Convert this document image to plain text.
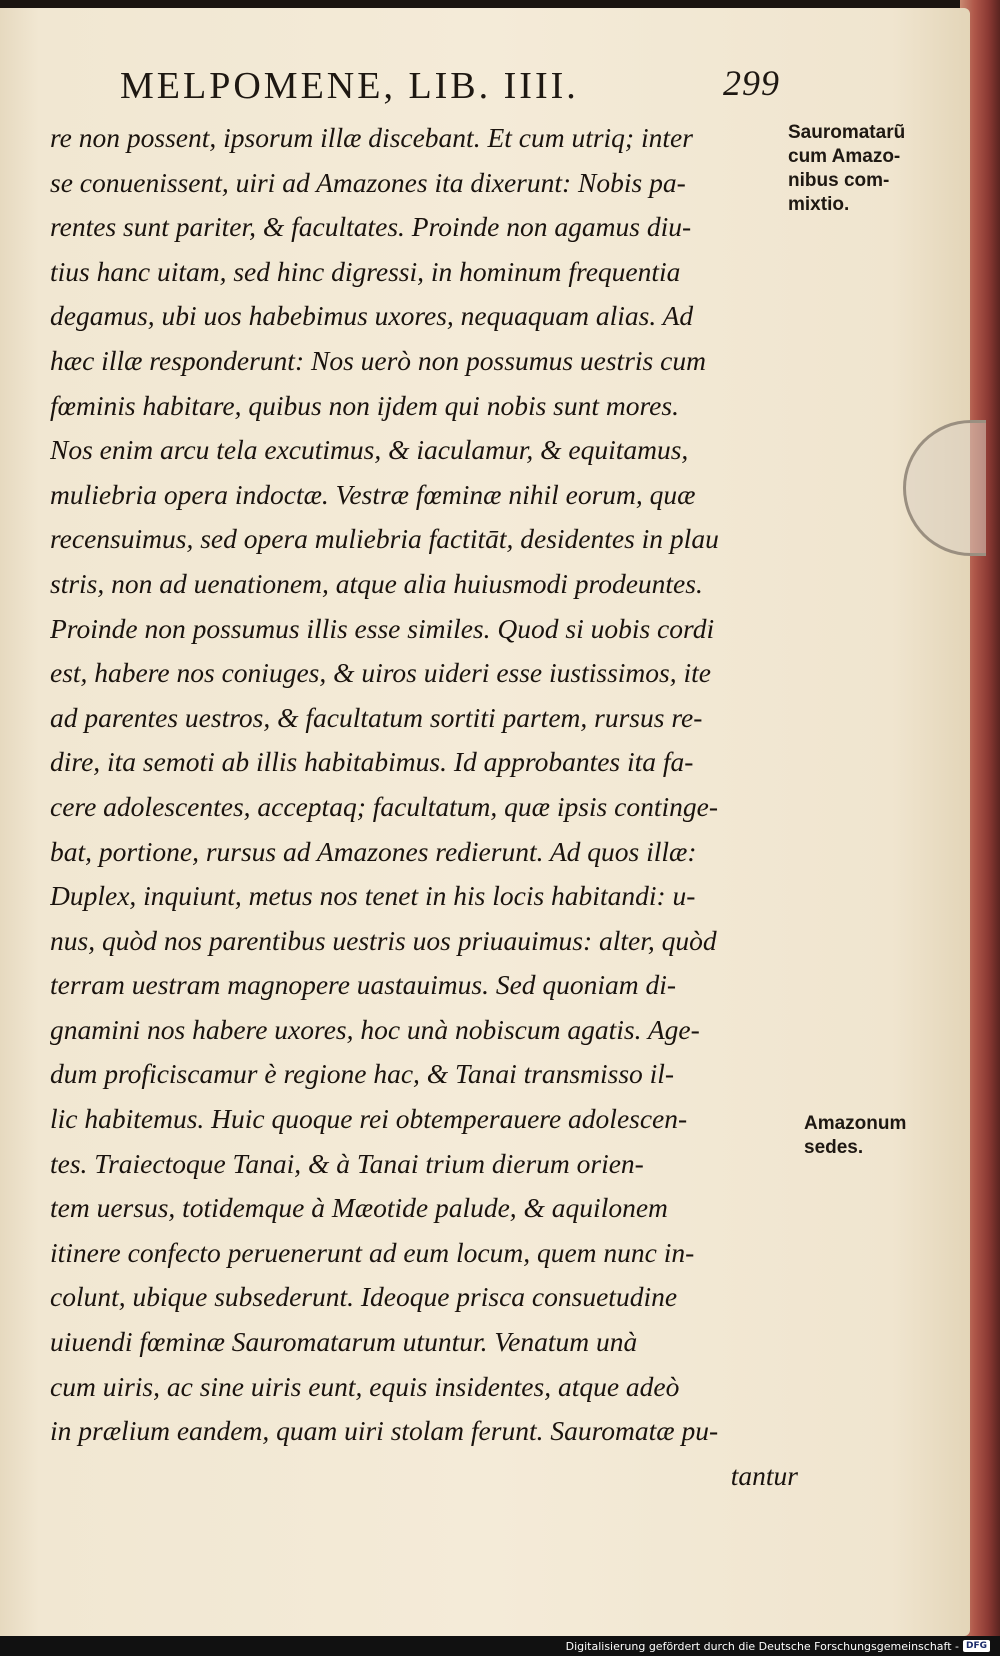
MELPOMENE, LIB. IIII.	299
re non possent, ipsorum illæ discebant. Et cum utriq; inter
se conuenissent, uiri ad Amazones ita dixerunt: Nobis pa-
rentes sunt pariter, & facultates. Proinde non agamus diu-
tius hanc uitam, sed hinc digressi, in hominum frequentia
degamus, ubi uos habebimus uxores, nequaquam alias. Ad
hæc illæ responderunt: Nos uerò non possumus uestris cum
fœminis habitare, quibus non ijdem qui nobis sunt mores.
Nos enim arcu tela excutimus, & iaculamur, & equitamus,
muliebria opera indoctæ. Vestræ fœminæ nihil eorum, quæ
recensuimus, sed opera muliebria factitāt, desidentes in plau
stris, non ad uenationem, atque alia huiusmodi prodeuntes.
Proinde non possumus illis esse similes. Quod si uobis cordi
est, habere nos coniuges, & uiros uideri esse iustissimos, ite
ad parentes uestros, & facultatum sortiti partem, rursus re-
dire, ita semoti ab illis habitabimus. Id approbantes ita fa-
cere adolescentes, acceptaq; facultatum, quæ ipsis continge-
bat, portione, rursus ad Amazones redierunt. Ad quos illæ:
Duplex, inquiunt, metus nos tenet in his locis habitandi: u-
nus, quòd nos parentibus uestris uos priuauimus: alter, quòd
terram uestram magnopere uastauimus. Sed quoniam di-
gnamini nos habere uxores, hoc unà nobiscum agatis. Age-
dum proficiscamur è regione hac, & Tanai transmisso il-
lic habitemus. Huic quoque rei obtemperauere adolescen-
tes. Traiectoque Tanai, & à Tanai trium dierum orien-
tem uersus, totidemque à Mæotide palude, & aquilonem
itinere confecto peruenerunt ad eum locum, quem nunc in-
colunt, ubique subsederunt. Ideoque prisca consuetudine
uiuendi fœminæ Sauromatarum utuntur. Venatum unà
cum uiris, ac sine uiris eunt, equis insidentes, atque adeò
in prælium eandem, quam uiri stolam ferunt. Sauromatæ pu-
tantur
Sauromatarũ
cum Amazo-
nibus com-
mixtio.
Amazonum
sedes.
Digitalisierung gefördert durch die Deutsche Forschungsgemeinschaft - DFG
